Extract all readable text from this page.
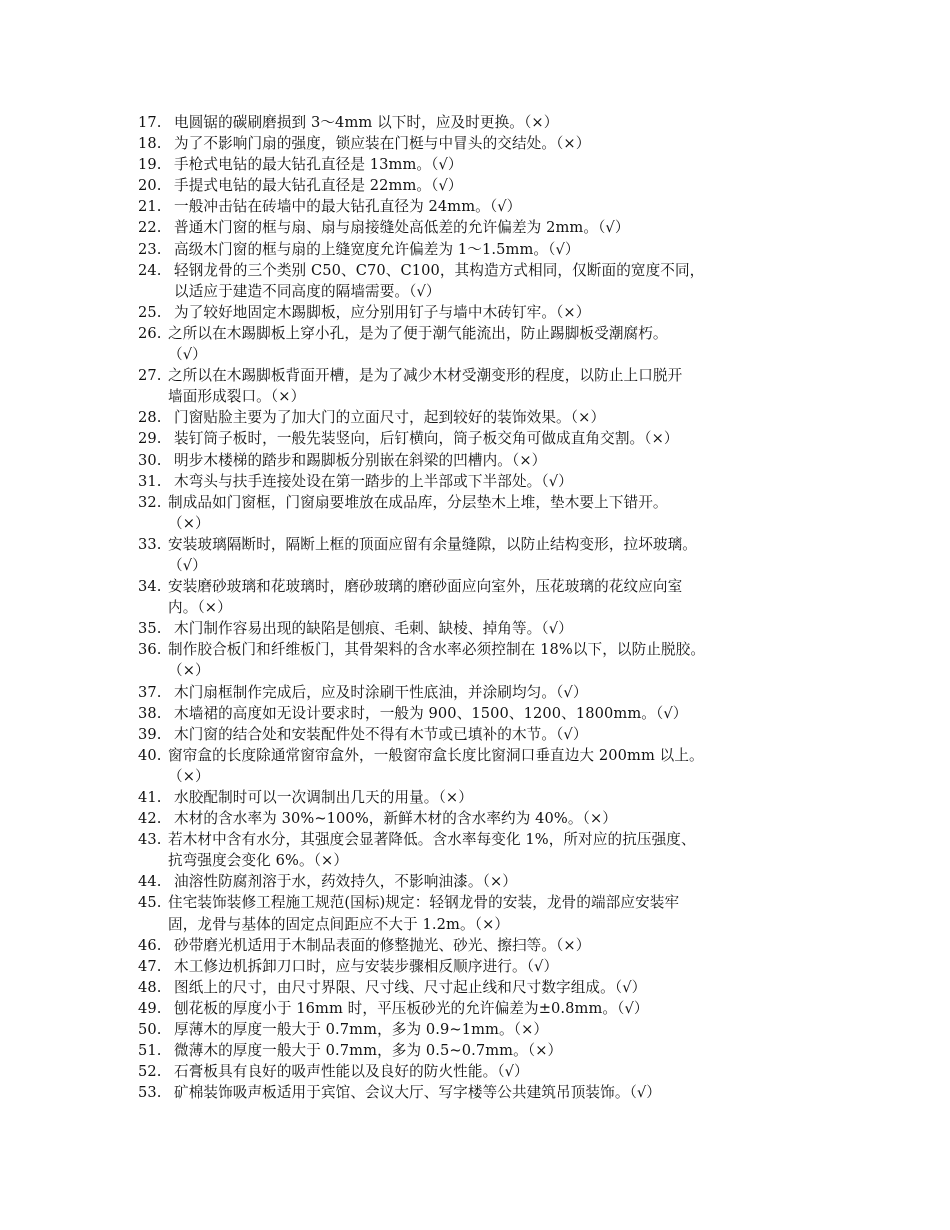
17. 电圆锯的碳刷磨损到 3～4mm 以下时，应及时更换。（×）
18. 为了不影响门扇的强度，锁应装在门梃与中冒头的交结处。（×）
19. 手枪式电钻的最大钻孔直径是 13mm。（√）
20. 手提式电钻的最大钻孔直径是 22mm。（√）
21. 一般冲击钻在砖墙中的最大钻孔直径为 24mm。（√）
22. 普通木门窗的框与扇、扇与扇接缝处高低差的允许偏差为 2mm。（√）
23. 高级木门窗的框与扇的上缝宽度允许偏差为 1～1.5mm。（√）
24. 轻钢龙骨的三个类别 C50、C70、C100，其构造方式相同，仅断面的宽度不同，
以适应于建造不同高度的隔墙需要。（√）
25. 为了较好地固定木踢脚板，应分别用钉子与墙中木砖钉牢。（×）
26. 之所以在木踢脚板上穿小孔，是为了便于潮气能流出，防止踢脚板受潮腐朽。
（√）
27. 之所以在木踢脚板背面开槽，是为了减少木材受潮变形的程度，以防止上口脱开
墙面形成裂口。（×）
28. 门窗贴脸主要为了加大门的立面尺寸，起到较好的装饰效果。（×）
29. 装钉筒子板时，一般先装竖向，后钉横向，筒子板交角可做成直角交割。（×）
30. 明步木楼梯的踏步和踢脚板分别嵌在斜梁的凹槽内。（×）
31. 木弯头与扶手连接处设在第一踏步的上半部或下半部处。（√）
32. 制成品如门窗框，门窗扇要堆放在成品库，分层垫木上堆，垫木要上下错开。
（×）
33. 安装玻璃隔断时，隔断上框的顶面应留有余量缝隙，以防止结构变形，拉坏玻璃。
（√）
34. 安装磨砂玻璃和花玻璃时，磨砂玻璃的磨砂面应向室外，压花玻璃的花纹应向室
内。（×）
35. 木门制作容易出现的缺陷是刨痕、毛刺、缺棱、掉角等。（√）
36. 制作胶合板门和纤维板门，其骨架料的含水率必须控制在 18%以下，以防止脱胶。
（×）
37. 木门扇框制作完成后，应及时涂刷干性底油，并涂刷均匀。（√）
38. 木墙裙的高度如无设计要求时，一般为 900、1500、1200、1800mm。（√）
39. 木门窗的结合处和安装配件处不得有木节或已填补的木节。（√）
40. 窗帘盒的长度除通常窗帘盒外，一般窗帘盒长度比窗洞口垂直边大 200mm 以上。
（×）
41. 水胶配制时可以一次调制出几天的用量。（×）
42. 木材的含水率为 30%~100%，新鲜木材的含水率约为 40%。（×）
43. 若木材中含有水分，其强度会显著降低。含水率每变化 1%，所对应的抗压强度、
抗弯强度会变化 6%。（×）
44. 油溶性防腐剂溶于水，药效持久，不影响油漆。（×）
45. 住宅装饰装修工程施工规范(国标)规定：轻钢龙骨的安装，龙骨的端部应安装牢
固，龙骨与基体的固定点间距应不大于 1.2m。（×）
46. 砂带磨光机适用于木制品表面的修整抛光、砂光、擦扫等。（×）
47. 木工修边机拆卸刀口时，应与安装步骤相反顺序进行。（√）
48. 图纸上的尺寸，由尺寸界限、尺寸线、尺寸起止线和尺寸数字组成。（√）
49. 刨花板的厚度小于 16mm 时，平压板砂光的允许偏差为±0.8mm。（√）
50. 厚薄木的厚度一般大于 0.7mm，多为 0.9~1mm。（×）
51. 微薄木的厚度一般大于 0.7mm，多为 0.5~0.7mm。（×）
52. 石膏板具有良好的吸声性能以及良好的防火性能。（√）
53. 矿棉装饰吸声板适用于宾馆、会议大厅、写字楼等公共建筑吊顶装饰。（√）
